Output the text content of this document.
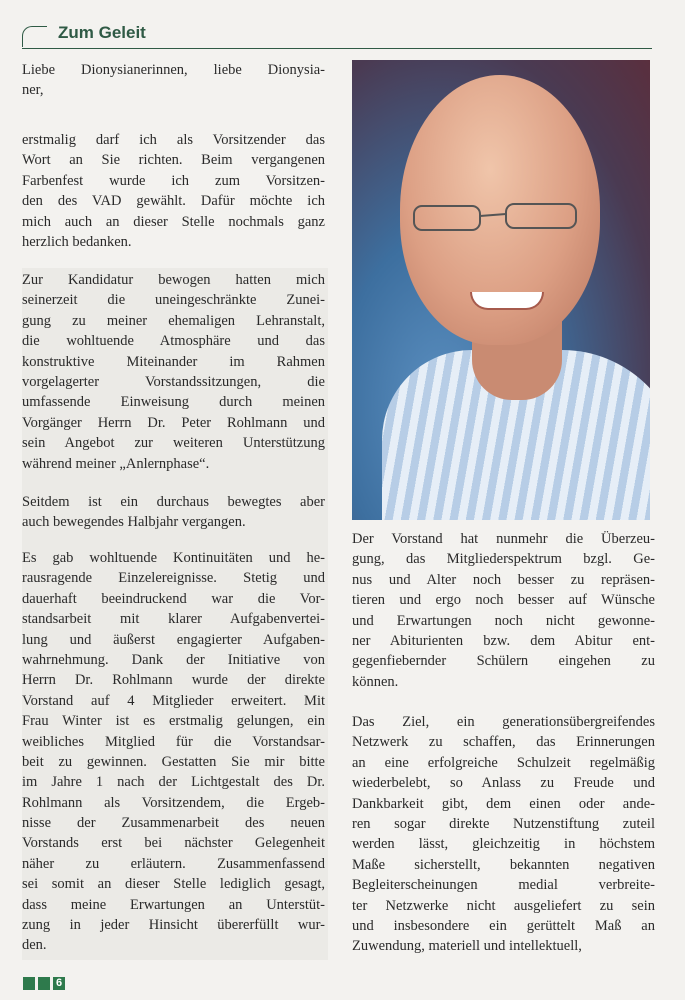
Zum Geleit
Liebe Dionysianerinnen, liebe Dionysia-
ner,
erstmalig darf ich als Vorsitzender das
Wort an Sie richten. Beim vergangenen
Farbenfest wurde ich zum Vorsitzen-
den des VAD gewählt. Dafür möchte ich
mich auch an dieser Stelle nochmals ganz
herzlich bedanken.
Zur Kandidatur bewogen hatten mich
seinerzeit die uneingeschränkte Zunei-
gung zu meiner ehemaligen Lehranstalt,
die wohltuende Atmosphäre und das
konstruktive Miteinander im Rahmen
vorgelagerter Vorstandssitzungen, die
umfassende Einweisung durch meinen
Vorgänger Herrn Dr. Peter Rohlmann und
sein Angebot zur weiteren Unterstützung
während meiner „Anlernphase“.
Seitdem ist ein durchaus bewegtes aber
auch bewegendes Halbjahr vergangen.
Es gab wohltuende Kontinuitäten und he-
rausragende Einzelereignisse. Stetig und
dauerhaft beeindruckend war die Vor-
standsarbeit mit klarer Aufgabenvertei-
lung und äußerst engagierter Aufgaben-
wahrnehmung. Dank der Initiative von
Herrn Dr. Rohlmann wurde der direkte
Vorstand auf 4 Mitglieder erweitert. Mit
Frau Winter ist es erstmalig gelungen, ein
weibliches Mitglied für die Vorstandsar-
beit zu gewinnen. Gestatten Sie mir bitte
im Jahre 1 nach der Lichtgestalt des Dr.
Rohlmann als Vorsitzendem, die Ergeb-
nisse der Zusammenarbeit des neuen
Vorstands erst bei nächster Gelegenheit
näher zu erläutern. Zusammenfassend
sei somit an dieser Stelle lediglich gesagt,
dass meine Erwartungen an Unterstüt-
zung in jeder Hinsicht übererfüllt wur-
den.
Der Vorstand hat nunmehr die Überzeu-
gung, das Mitgliederspektrum bzgl. Ge-
nus und Alter noch besser zu repräsen-
tieren und ergo noch besser auf Wünsche
und Erwartungen noch nicht gewonne-
ner Abiturienten bzw. dem Abitur ent-
gegenfiebernder Schülern eingehen zu
können.
Das Ziel, ein generationsübergreifendes
Netzwerk zu schaffen, das Erinnerungen
an eine erfolgreiche Schulzeit regelmäßig
wiederbelebt, so Anlass zu Freude und
Dankbarkeit gibt, dem einen oder ande-
ren sogar direkte Nutzenstiftung zuteil
werden lässt, gleichzeitig in höchstem
Maße sicherstellt, bekannten negativen
Begleiterscheinungen medial verbreite-
ter Netzwerke nicht ausgeliefert zu sein
und insbesondere ein gerüttelt Maß an
Zuwendung, materiell und intellektuell,
6
